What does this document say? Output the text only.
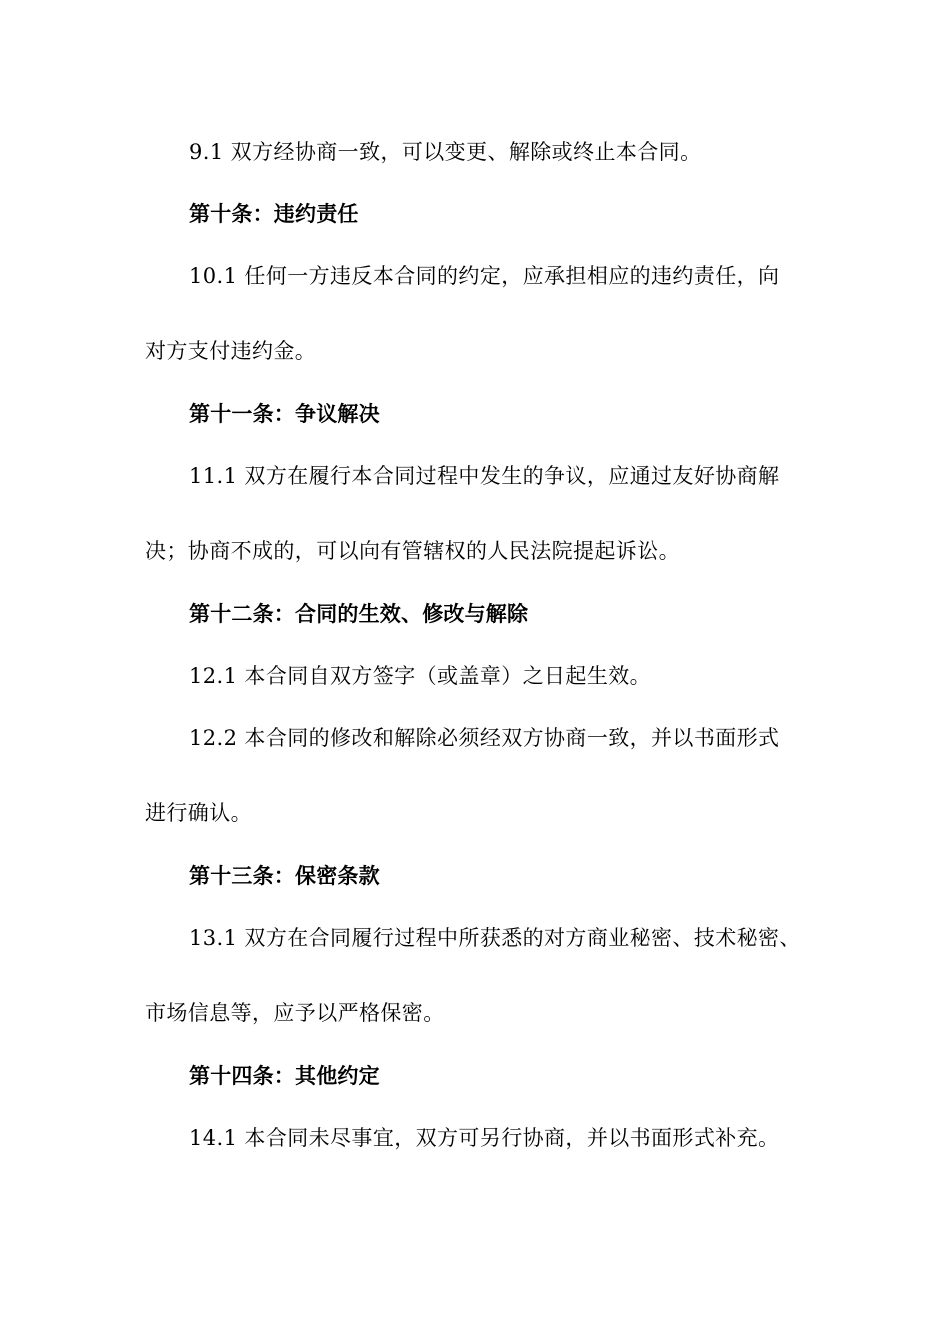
9.1 双方经协商一致，可以变更、解除或终止本合同。

第十条：违约责任

10.1 任何一方违反本合同的约定，应承担相应的违约责任，向

对方支付违约金。

第十一条：争议解决

11.1 双方在履行本合同过程中发生的争议，应通过友好协商解

决；协商不成的，可以向有管辖权的人民法院提起诉讼。

第十二条：合同的生效、修改与解除

12.1 本合同自双方签字（或盖章）之日起生效。

12.2 本合同的修改和解除必须经双方协商一致，并以书面形式

进行确认。

第十三条：保密条款

13.1 双方在合同履行过程中所获悉的对方商业秘密、技术秘密、

市场信息等，应予以严格保密。

第十四条：其他约定

14.1 本合同未尽事宜，双方可另行协商，并以书面形式补充。
